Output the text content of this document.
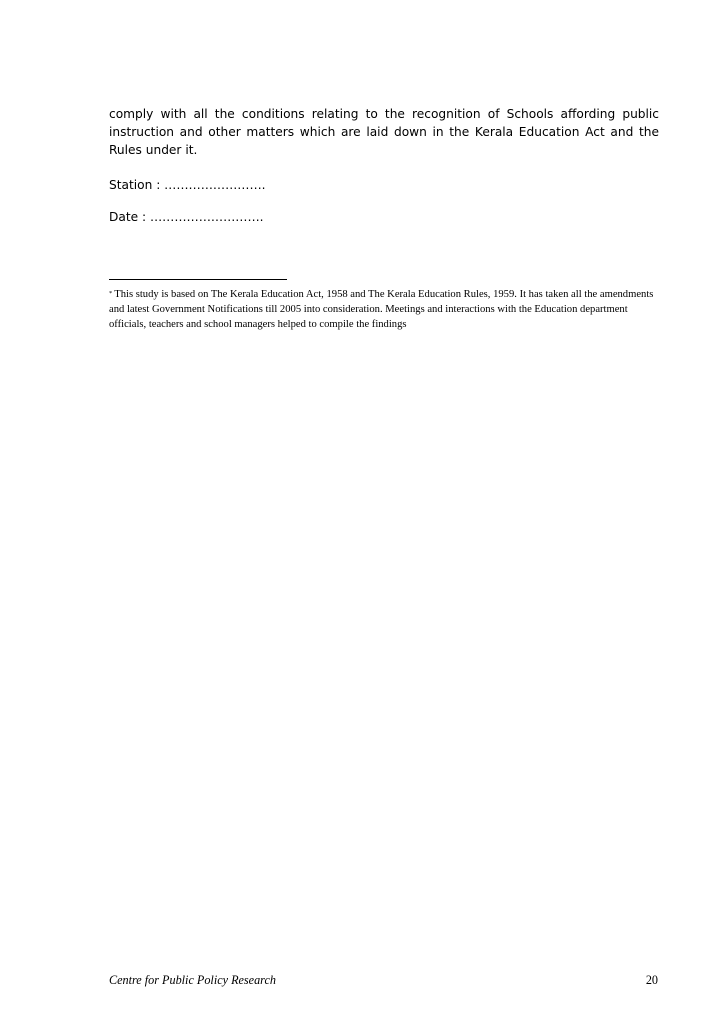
comply with all the conditions relating to the recognition of Schools affording public instruction and other matters which are laid down in the Kerala Education Act and the Rules under it.

Station : …………………….

Date : ……………………….

* This study is based on The Kerala Education Act, 1958 and The Kerala Education Rules, 1959. It has taken all the amendments and latest Government Notifications till 2005 into consideration. Meetings and interactions with the Education department officials, teachers and school managers helped to compile the findings

Centre for Public Policy Research	20
